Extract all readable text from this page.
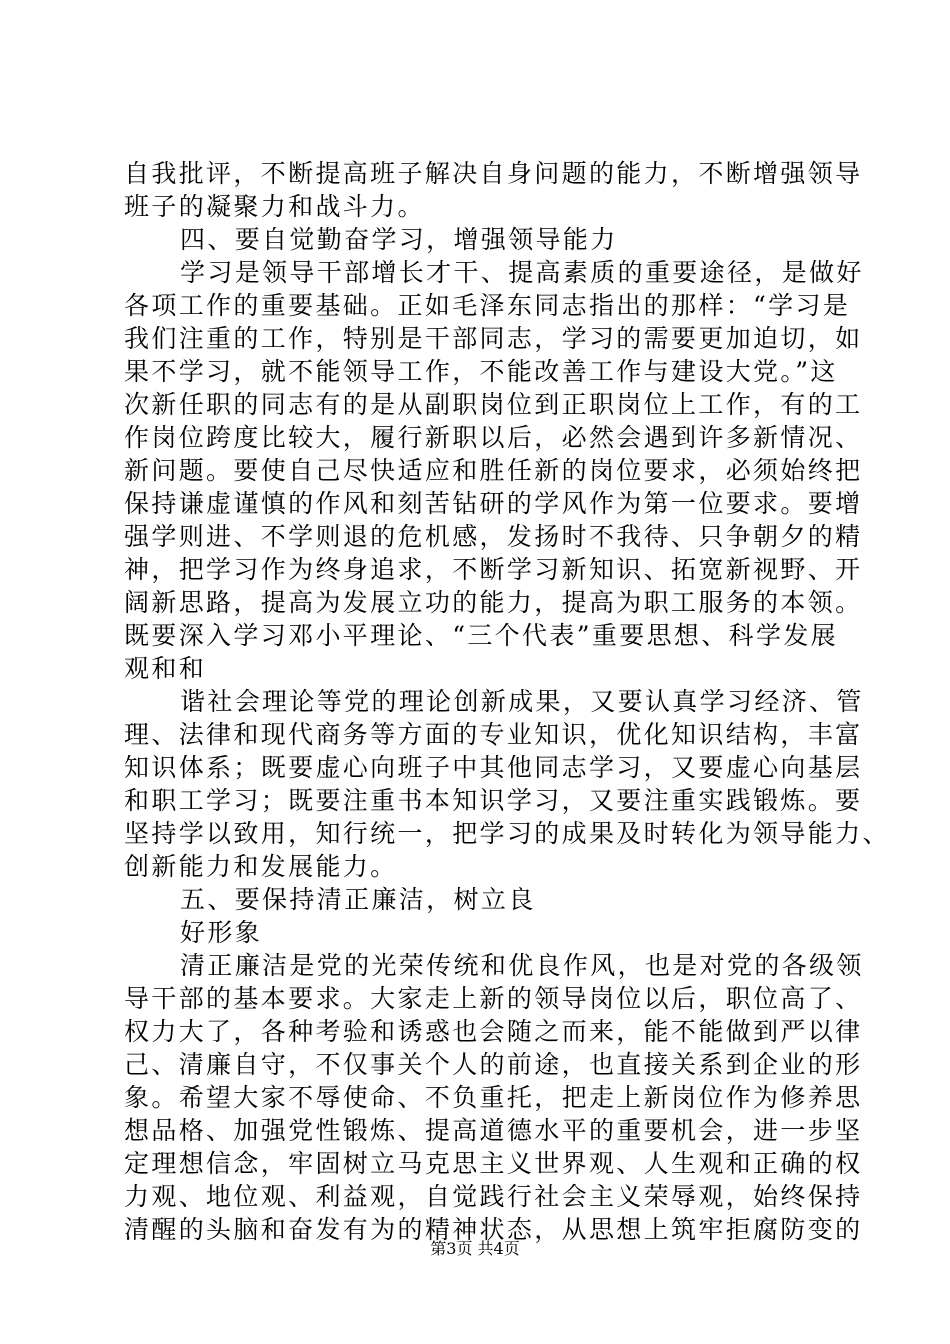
自我批评，不断提高班子解决自身问题的能力，不断增强领导
班子的凝聚力和战斗力。
四、要自觉勤奋学习，增强领导能力
学习是领导干部增长才干、提高素质的重要途径，是做好
各项工作的重要基础。正如毛泽东同志指出的那样：“学习是
我们注重的工作，特别是干部同志，学习的需要更加迫切，如
果不学习，就不能领导工作，不能改善工作与建设大党。”这
次新任职的同志有的是从副职岗位到正职岗位上工作，有的工
作岗位跨度比较大，履行新职以后，必然会遇到许多新情况、
新问题。要使自己尽快适应和胜任新的岗位要求，必须始终把
保持谦虚谨慎的作风和刻苦钻研的学风作为第一位要求。要增
强学则进、不学则退的危机感，发扬时不我待、只争朝夕的精
神，把学习作为终身追求，不断学习新知识、拓宽新视野、开
阔新思路，提高为发展立功的能力，提高为职工服务的本领。
既要深入学习邓小平理论、“三个代表”重要思想、科学发展
观和和
谐社会理论等党的理论创新成果，又要认真学习经济、管
理、法律和现代商务等方面的专业知识，优化知识结构，丰富
知识体系；既要虚心向班子中其他同志学习，又要虚心向基层
和职工学习；既要注重书本知识学习，又要注重实践锻炼。要
坚持学以致用，知行统一，把学习的成果及时转化为领导能力、
创新能力和发展能力。
五、要保持清正廉洁，树立良
好形象
清正廉洁是党的光荣传统和优良作风，也是对党的各级领
导干部的基本要求。大家走上新的领导岗位以后，职位高了、
权力大了，各种考验和诱惑也会随之而来，能不能做到严以律
己、清廉自守，不仅事关个人的前途，也直接关系到企业的形
象。希望大家不辱使命、不负重托，把走上新岗位作为修养思
想品格、加强党性锻炼、提高道德水平的重要机会，进一步坚
定理想信念，牢固树立马克思主义世界观、人生观和正确的权
力观、地位观、利益观，自觉践行社会主义荣辱观，始终保持
清醒的头脑和奋发有为的精神状态，从思想上筑牢拒腐防变的
第3页 共4页
